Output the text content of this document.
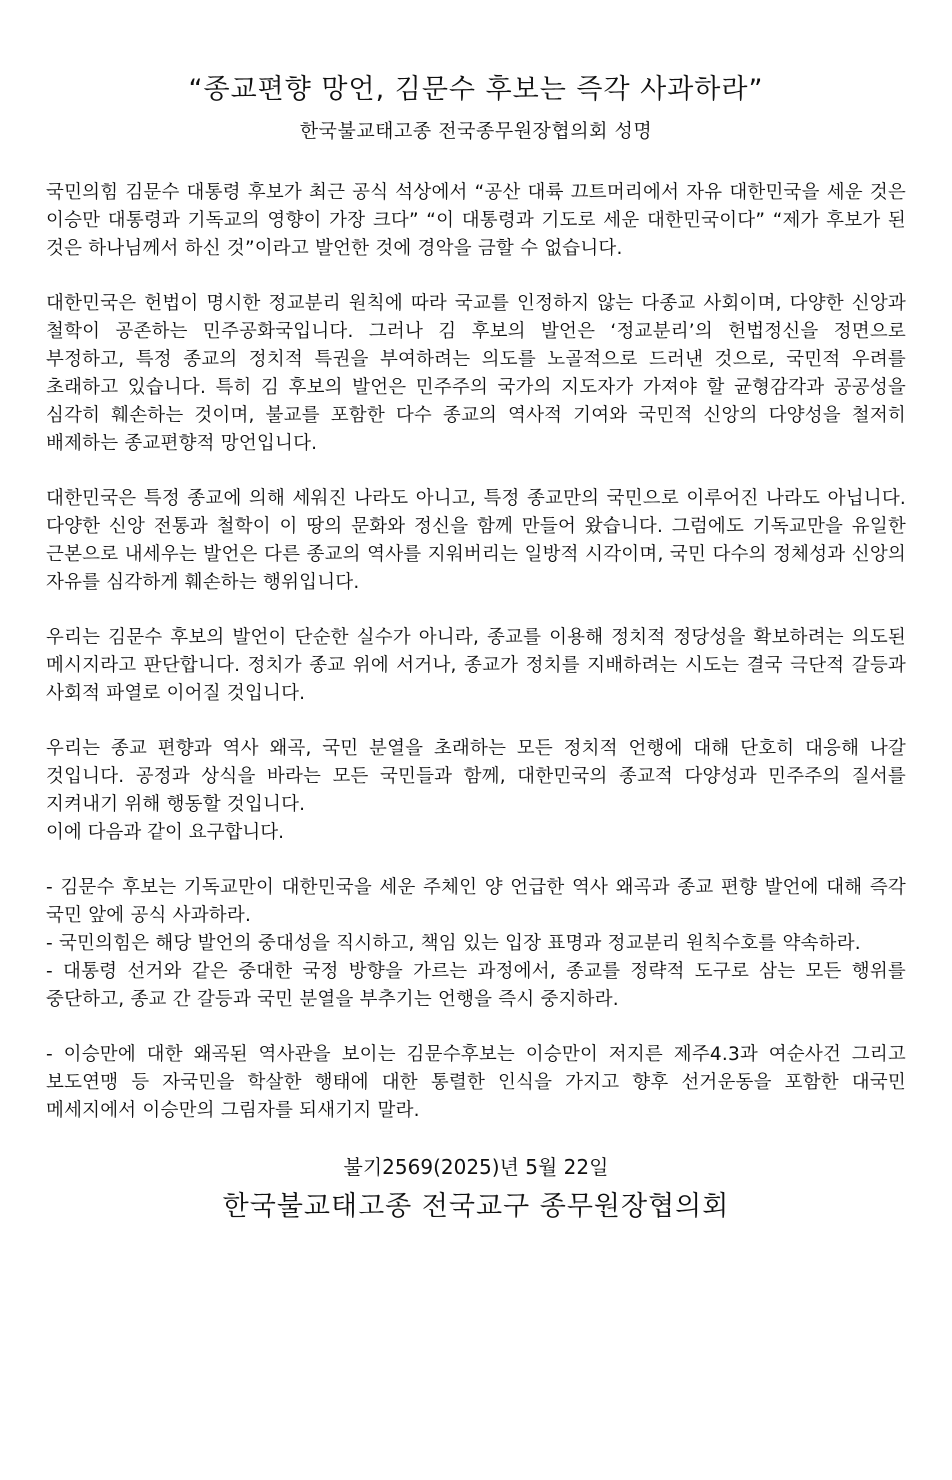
“종교편향 망언, 김문수 후보는 즉각 사과하라”
한국불교태고종 전국종무원장협의회 성명

국민의힘 김문수 대통령 후보가 최근 공식 석상에서 “공산 대륙 끄트머리에서 자유 대한민국을 세운 것은 이승만 대통령과 기독교의 영향이 가장 크다” “이 대통령과 기도로 세운 대한민국이다” “제가 후보가 된 것은 하나님께서 하신 것”이라고 발언한 것에 경악을 금할 수 없습니다.

대한민국은 헌법이 명시한 정교분리 원칙에 따라 국교를 인정하지 않는 다종교 사회이며, 다양한 신앙과 철학이 공존하는 민주공화국입니다. 그러나 김 후보의 발언은 ‘정교분리’의 헌법정신을 정면으로 부정하고, 특정 종교의 정치적 특권을 부여하려는 의도를 노골적으로 드러낸 것으로, 국민적 우려를 초래하고 있습니다. 특히 김 후보의 발언은 민주주의 국가의 지도자가 가져야 할 균형감각과 공공성을 심각히 훼손하는 것이며, 불교를 포함한 다수 종교의 역사적 기여와 국민적 신앙의 다양성을 철저히 배제하는 종교편향적 망언입니다.

대한민국은 특정 종교에 의해 세워진 나라도 아니고, 특정 종교만의 국민으로 이루어진 나라도 아닙니다. 다양한 신앙 전통과 철학이 이 땅의 문화와 정신을 함께 만들어 왔습니다. 그럼에도 기독교만을 유일한 근본으로 내세우는 발언은 다른 종교의 역사를 지워버리는 일방적 시각이며, 국민 다수의 정체성과 신앙의 자유를 심각하게 훼손하는 행위입니다.

우리는 김문수 후보의 발언이 단순한 실수가 아니라, 종교를 이용해 정치적 정당성을 확보하려는 의도된 메시지라고 판단합니다. 정치가 종교 위에 서거나, 종교가 정치를 지배하려는 시도는 결국 극단적 갈등과 사회적 파열로 이어질 것입니다.

우리는 종교 편향과 역사 왜곡, 국민 분열을 초래하는 모든 정치적 언행에 대해 단호히 대응해 나갈 것입니다. 공정과 상식을 바라는 모든 국민들과 함께, 대한민국의 종교적 다양성과 민주주의 질서를 지켜내기 위해 행동할 것입니다.

이에 다음과 같이 요구합니다.

- 김문수 후보는 기독교만이 대한민국을 세운 주체인 양 언급한 역사 왜곡과 종교 편향 발언에 대해 즉각 국민 앞에 공식 사과하라.
- 국민의힘은 해당 발언의 중대성을 직시하고, 책임 있는 입장 표명과 정교분리 원칙수호를 약속하라.
- 대통령 선거와 같은 중대한 국정 방향을 가르는 과정에서, 종교를 정략적 도구로 삼는 모든 행위를 중단하고, 종교 간 갈등과 국민 분열을 부추기는 언행을 즉시 중지하라.

- 이승만에 대한 왜곡된 역사관을 보이는 김문수후보는 이승만이 저지른 제주4.3과 여순사건 그리고 보도연맹 등 자국민을 학살한 행태에 대한 통렬한 인식을 가지고 향후 선거운동을 포함한 대국민 메세지에서 이승만의 그림자를 되새기지 말라.

불기2569(2025)년 5월 22일
한국불교태고종 전국교구 종무원장협의회
